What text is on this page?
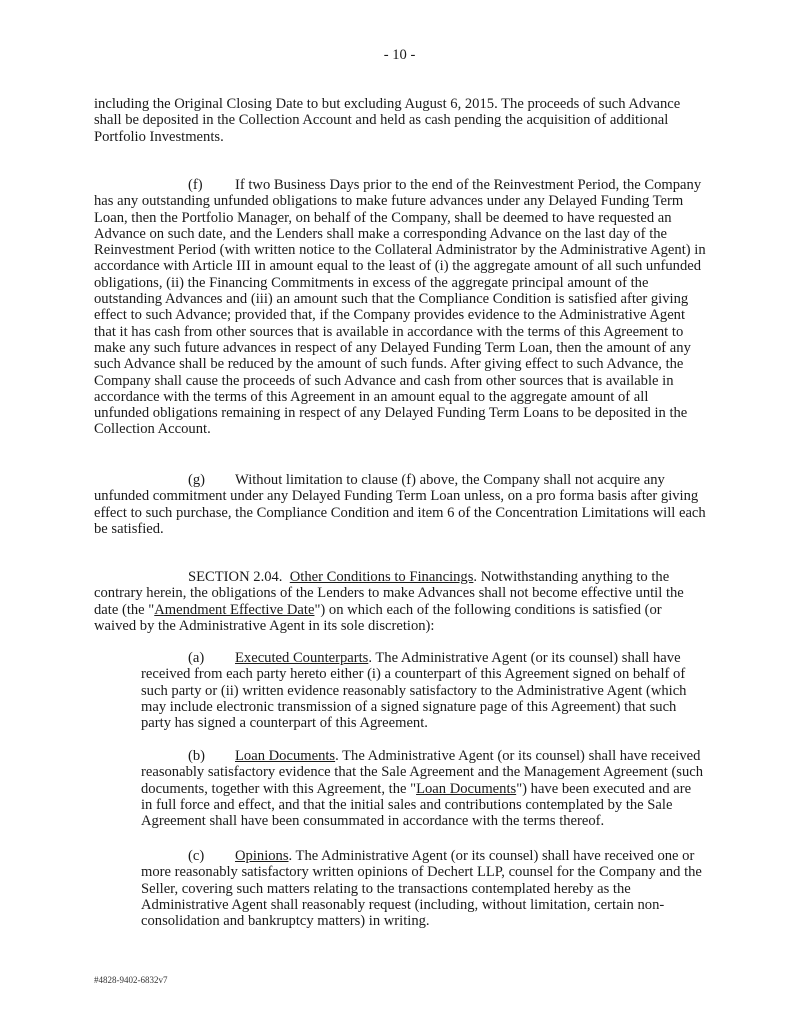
- 10 -

including the Original Closing Date to but excluding August 6, 2015. The proceeds of such Advance shall be deposited in the Collection Account and held as cash pending the acquisition of additional Portfolio Investments.

(f) If two Business Days prior to the end of the Reinvestment Period, the Company has any outstanding unfunded obligations to make future advances under any Delayed Funding Term Loan, then the Portfolio Manager, on behalf of the Company, shall be deemed to have requested an Advance on such date, and the Lenders shall make a corresponding Advance on the last day of the Reinvestment Period (with written notice to the Collateral Administrator by the Administrative Agent) in accordance with Article III in amount equal to the least of (i) the aggregate amount of all such unfunded obligations, (ii) the Financing Commitments in excess of the aggregate principal amount of the outstanding Advances and (iii) an amount such that the Compliance Condition is satisfied after giving effect to such Advance; provided that, if the Company provides evidence to the Administrative Agent that it has cash from other sources that is available in accordance with the terms of this Agreement to make any such future advances in respect of any Delayed Funding Term Loan, then the amount of any such Advance shall be reduced by the amount of such funds. After giving effect to such Advance, the Company shall cause the proceeds of such Advance and cash from other sources that is available in accordance with the terms of this Agreement in an amount equal to the aggregate amount of all unfunded obligations remaining in respect of any Delayed Funding Term Loans to be deposited in the Collection Account.

(g) Without limitation to clause (f) above, the Company shall not acquire any unfunded commitment under any Delayed Funding Term Loan unless, on a pro forma basis after giving effect to such purchase, the Compliance Condition and item 6 of the Concentration Limitations will each be satisfied.

SECTION 2.04. Other Conditions to Financings. Notwithstanding anything to the contrary herein, the obligations of the Lenders to make Advances shall not become effective until the date (the "Amendment Effective Date") on which each of the following conditions is satisfied (or waived by the Administrative Agent in its sole discretion):

(a) Executed Counterparts. The Administrative Agent (or its counsel) shall have received from each party hereto either (i) a counterpart of this Agreement signed on behalf of such party or (ii) written evidence reasonably satisfactory to the Administrative Agent (which may include electronic transmission of a signed signature page of this Agreement) that such party has signed a counterpart of this Agreement.

(b) Loan Documents. The Administrative Agent (or its counsel) shall have received reasonably satisfactory evidence that the Sale Agreement and the Management Agreement (such documents, together with this Agreement, the "Loan Documents") have been executed and are in full force and effect, and that the initial sales and contributions contemplated by the Sale Agreement shall have been consummated in accordance with the terms thereof.

(c) Opinions. The Administrative Agent (or its counsel) shall have received one or more reasonably satisfactory written opinions of Dechert LLP, counsel for the Company and the Seller, covering such matters relating to the transactions contemplated hereby as the Administrative Agent shall reasonably request (including, without limitation, certain non-consolidation and bankruptcy matters) in writing.

#4828-9402-6832v7
